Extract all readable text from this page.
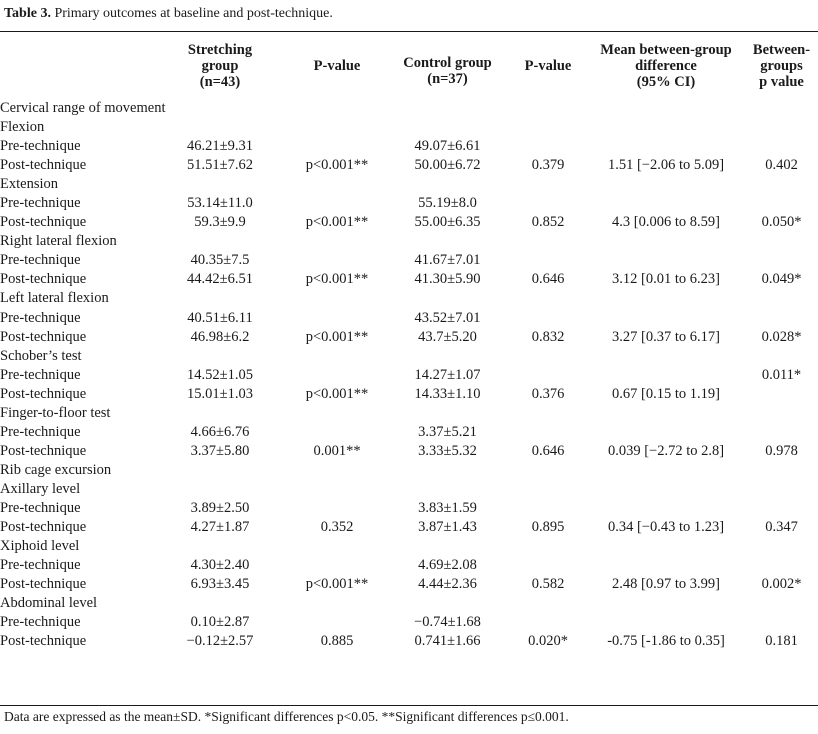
Table 3. Primary outcomes at baseline and post-technique.

	Stretching
group
(n=43)	P-value	Control group
(n=37)	P-value	Mean between-group
difference
(95% CI)	Between-
groups
p value

Cervical range of movement						
Flexion						
Pre-technique	46.21±9.31		49.07±6.61			
Post-technique	51.51±7.62	p<0.001**	50.00±6.72	0.379	1.51 [−2.06 to 5.09]	0.402
Extension						
Pre-technique	53.14±11.0		55.19±8.0			
Post-technique	59.3±9.9	p<0.001**	55.00±6.35	0.852	4.3 [0.006 to 8.59]	0.050*
Right lateral flexion						
Pre-technique	40.35±7.5		41.67±7.01			
Post-technique	44.42±6.51	p<0.001**	41.30±5.90	0.646	3.12 [0.01 to 6.23]	0.049*
Left lateral flexion						
Pre-technique	40.51±6.11		43.52±7.01			
Post-technique	46.98±6.2	p<0.001**	43.7±5.20	0.832	3.27 [0.37 to 6.17]	0.028*
Schober’s test						
Pre-technique	14.52±1.05		14.27±1.07			0.011*
Post-technique	15.01±1.03	p<0.001**	14.33±1.10	0.376	0.67 [0.15 to 1.19]	
Finger-to-floor test						
Pre-technique	4.66±6.76		3.37±5.21			
Post-technique	3.37±5.80	0.001**	3.33±5.32	0.646	0.039 [−2.72 to 2.8]	0.978
Rib cage excursion						
Axillary level						
Pre-technique	3.89±2.50		3.83±1.59			
Post-technique	4.27±1.87	0.352	3.87±1.43	0.895	0.34 [−0.43 to 1.23]	0.347
Xiphoid level						
Pre-technique	4.30±2.40		4.69±2.08			
Post-technique	6.93±3.45	p<0.001**	4.44±2.36	0.582	2.48 [0.97 to 3.99]	0.002*
Abdominal level						
Pre-technique	0.10±2.87		−0.74±1.68			
Post-technique	−0.12±2.57	0.885	0.741±1.66	0.020*	-0.75 [-1.86 to 0.35]	0.181
Data are expressed as the mean±SD. *Significant differences p<0.05. **Significant differences p≤0.001.
